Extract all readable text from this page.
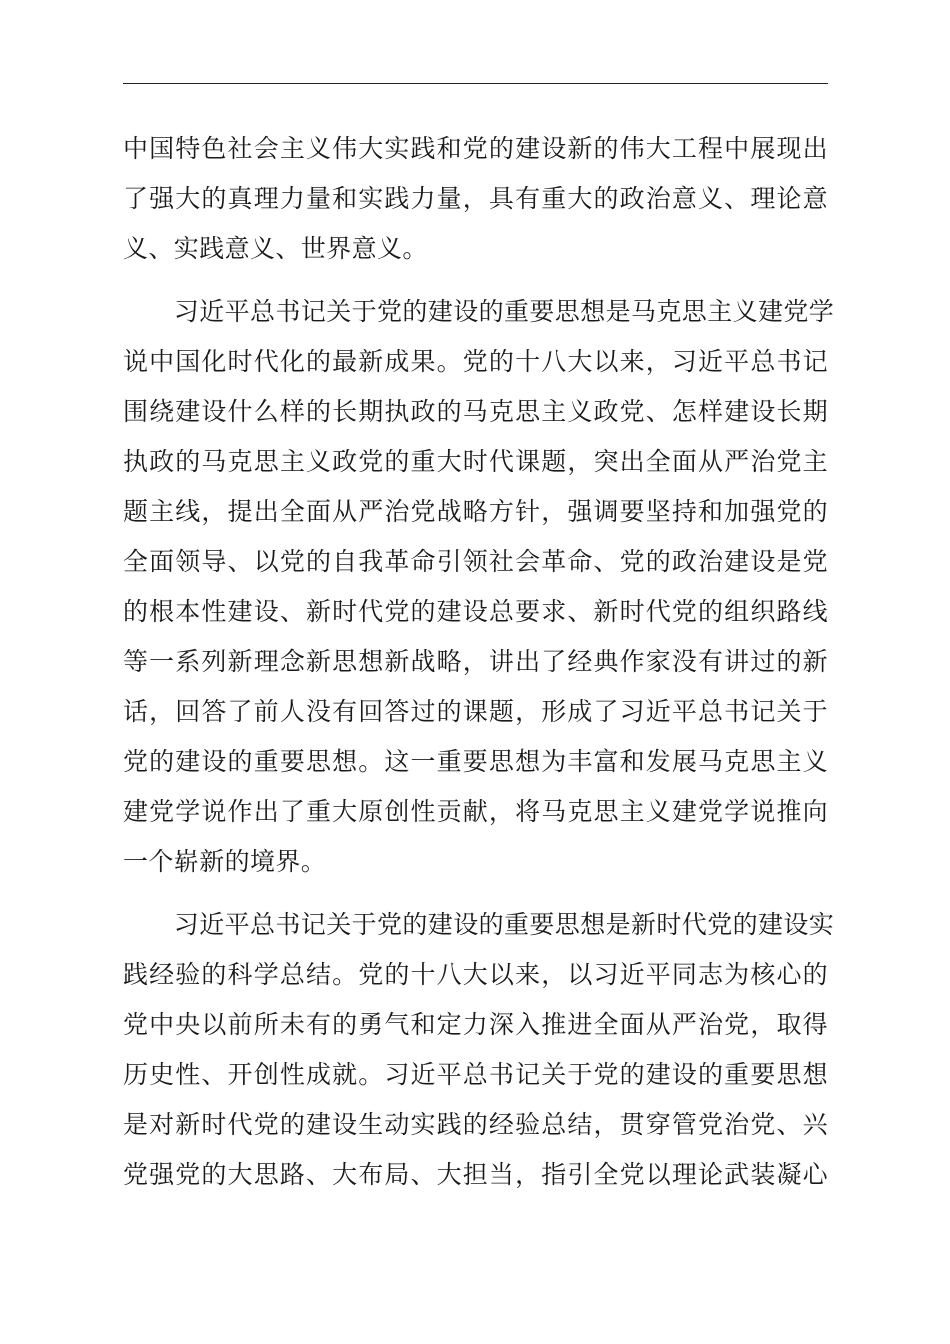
中国特色社会主义伟大实践和党的建设新的伟大工程中展现出
了强大的真理力量和实践力量，具有重大的政治意义、理论意
义、实践意义、世界意义。
　　习近平总书记关于党的建设的重要思想是马克思主义建党学
说中国化时代化的最新成果。党的十八大以来，习近平总书记
围绕建设什么样的长期执政的马克思主义政党、怎样建设长期
执政的马克思主义政党的重大时代课题，突出全面从严治党主
题主线，提出全面从严治党战略方针，强调要坚持和加强党的
全面领导、以党的自我革命引领社会革命、党的政治建设是党
的根本性建设、新时代党的建设总要求、新时代党的组织路线
等一系列新理念新思想新战略，讲出了经典作家没有讲过的新
话，回答了前人没有回答过的课题，形成了习近平总书记关于
党的建设的重要思想。这一重要思想为丰富和发展马克思主义
建党学说作出了重大原创性贡献，将马克思主义建党学说推向
一个崭新的境界。
　　习近平总书记关于党的建设的重要思想是新时代党的建设实
践经验的科学总结。党的十八大以来，以习近平同志为核心的
党中央以前所未有的勇气和定力深入推进全面从严治党，取得
历史性、开创性成就。习近平总书记关于党的建设的重要思想
是对新时代党的建设生动实践的经验总结，贯穿管党治党、兴
党强党的大思路、大布局、大担当，指引全党以理论武装凝心
